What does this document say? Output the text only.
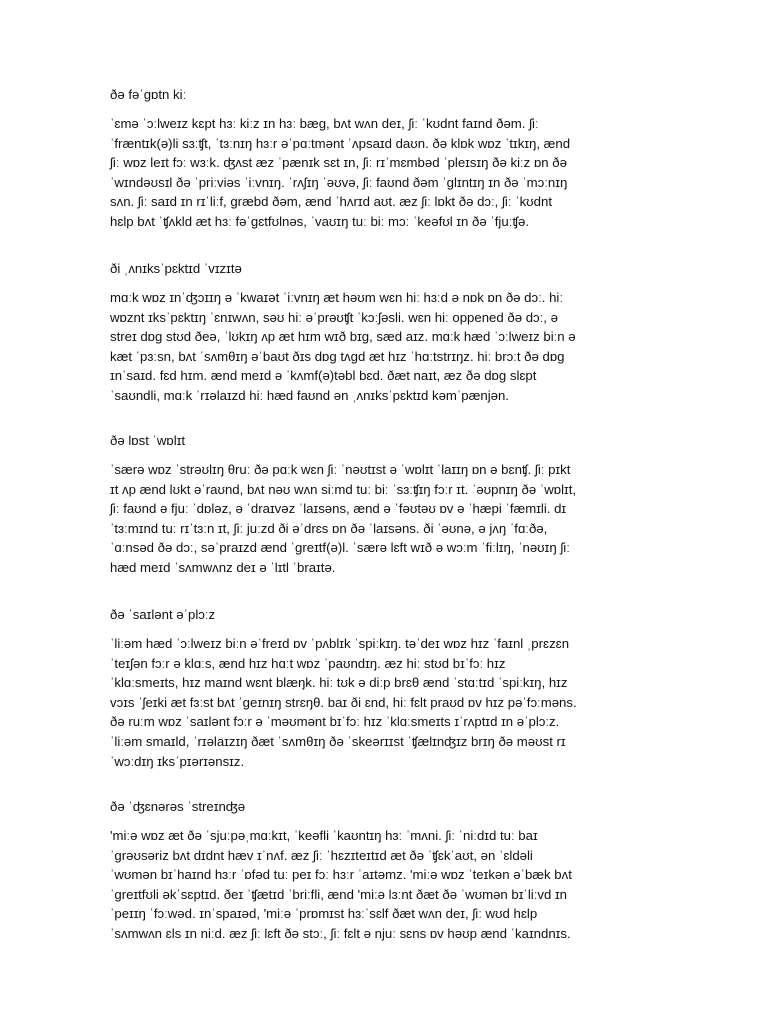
ðə fəˈɡɒtn kiː
ˈɛmə ˈɔːlweɪz kɛpt hɜː kiːz ɪn hɜː bæɡ, bʌt wʌn deɪ, ʃiː ˈkʊdnt faɪnd ðəm. ʃiː
ˈfræntɪk(ə)li sɜːʧt, ˈtɜːnɪŋ hɜːr əˈpɑːtmənt ˈʌpsaɪd daʊn. ðə klɒk wɒz ˈtɪkɪŋ, ænd
ʃiː wɒz leɪt fɔː wɜːk. ʤʌst æz ˈpænɪk sɛt ɪn, ʃiː rɪˈmɛmbəd ˈpleɪsɪŋ ðə kiːz ɒn ðə
ˈwɪndəʊsɪl ðə ˈpriːviəs ˈiːvnɪŋ. ˈrʌʃɪŋ ˈəʊvə, ʃiː faʊnd ðəm ˈɡlɪntɪŋ ɪn ðə ˈmɔːnɪŋ
sʌn. ʃiː saɪd ɪn rɪˈliːf, ɡræbd ðəm, ænd ˈhʌrɪd aʊt. æz ʃiː lɒkt ðə dɔː, ʃiː ˈkʊdnt
hɛlp bʌt ˈʧʌkld æt hɜː fəˈɡɛtfʊlnəs, ˈvaʊɪŋ tuː biː mɔː ˈkeəfʊl ɪn ðə ˈfjuːʧə.
ði ˌʌnɪksˈpɛktɪd ˈvɪzɪtə
mɑːk wɒz ɪnˈʤɔɪɪŋ ə ˈkwaɪət ˈiːvnɪŋ æt həʊm wɛn hiː hɜːd ə nɒk ɒn ðə dɔː. hiː
wɒznt ɪksˈpɛktɪŋ ˈɛnɪwʌn, səʊ hiː əˈprəʊʧt ˈkɔːʃəsli. wɛn hiː oppened ðə dɔː, ə
streɪ dɒɡ stʊd ðeə, ˈlʊkɪŋ ʌp æt hɪm wɪð bɪɡ, sæd aɪz. mɑːk hæd ˈɔːlweɪz biːn ə
kæt ˈpɜːsn, bʌt ˈsʌmθɪŋ əˈbaʊt ðɪs dɒɡ tʌɡd æt hɪz ˈhɑːtstrɪŋz. hiː brɔːt ðə dɒɡ
ɪnˈsaɪd. fɛd hɪm. ænd meɪd ə ˈkʌmf(ə)təbl bɛd. ðæt naɪt, æz ðə dɒɡ slɛpt
ˈsaʊndli, mɑːk ˈrɪəlaɪzd hiː hæd faʊnd ən ˌʌnɪksˈpɛktɪd kəmˈpænjən.
ðə lɒst ˈwɒlɪt
ˈsærə wɒz ˈstrəʊlɪŋ θruː ðə pɑːk wɛn ʃiː ˈnəʊtɪst ə ˈwɒlɪt ˈlaɪɪŋ ɒn ə bɛnʧ. ʃiː pɪkt
ɪt ʌp ænd lʊkt əˈraʊnd, bʌt nəʊ wʌn siːmd tuː biː ˈsɜːʧɪŋ fɔːr ɪt. ˈəʊpnɪŋ ðə ˈwɒlɪt,
ʃiː faʊnd ə fjuː ˈdɒləz, ə ˈdraɪvəz ˈlaɪsəns, ænd ə ˈfəʊtəʊ ɒv ə ˈhæpi ˈfæmɪli. dɪ
ˈtɜːmɪnd tuː rɪˈtɜːn ɪt, ʃiː juːzd ði əˈdrɛs ɒn ðə ˈlaɪsəns. ði ˈəʊnə, ə jʌŋ ˈfɑːðə,
ˈɑːnsəd ðə dɔː, səˈpraɪzd ænd ˈɡreɪtf(ə)l. ˈsærə lɛft wɪð ə wɔːm ˈfiːlɪŋ, ˈnəʊɪŋ ʃiː
hæd meɪd ˈsʌmwʌnz deɪ ə ˈlɪtl ˈbraɪtə.
ðə ˈsaɪlənt əˈplɔːz
ˈliːəm hæd ˈɔːlweɪz biːn əˈfreɪd ɒv ˈpʌblɪk ˈspiːkɪŋ. təˈdeɪ wɒz hɪz ˈfaɪnl ˌprɛzɛn
ˈteɪʃən fɔːr ə klɑːs, ænd hɪz hɑːt wɒz ˈpaʊndɪŋ. æz hiː stʊd bɪˈfɔː hɪz
ˈklɑːsmeɪts, hɪz maɪnd wɛnt blæŋk. hiː tʊk ə diːp brɛθ ænd ˈstɑːtɪd ˈspiːkɪŋ, hɪz
vɔɪs ˈʃeɪki æt fɜːst bʌt ˈɡeɪnɪŋ strɛŋθ. baɪ ði ɛnd, hiː fɛlt praʊd ɒv hɪz pəˈfɔːməns.
ðə ruːm wɒz ˈsaɪlənt fɔːr ə ˈməʊmənt bɪˈfɔː hɪz ˈklɑːsmeɪts ɪˈrʌptɪd ɪn əˈplɔːz.
ˈliːəm smaɪld, ˈrɪəlaɪzɪŋ ðæt ˈsʌmθɪŋ ðə ˈskeərɪɪst ˈʧælɪnʤɪz brɪŋ ðə məʊst rɪ
ˈwɔːdɪŋ ɪksˈpɪərɪənsɪz.
ðə ˈʤɛnərəs ˈstreɪnʤə
'miːə wɒz æt ðə ˈsjuːpəˌmɑːkɪt, ˈkeəfli ˈkaʊntɪŋ hɜː ˈmʌni. ʃiː ˈniːdɪd tuː baɪ
ˈɡrəʊsəriz bʌt dɪdnt hæv ɪˈnʌf. æz ʃiː ˈhɛzɪteɪtɪd æt ðə ˈʧɛkˈaʊt, ən ˈɛldəli
ˈwʊmən bɪˈhaɪnd hɜːr ˈɒfəd tuː peɪ fɔː hɜːr ˈaɪtəmz. 'miːə wɒz ˈteɪkən əˈbæk bʌt
ˈɡreɪtfʊli əkˈsɛptɪd. ðeɪ ˈʧætɪd ˈbriːfli, ænd 'miːə lɜːnt ðæt ðə ˈwʊmən bɪˈliːvd ɪn
ˈpeɪɪŋ ˈfɔːwəd. ɪnˈspaɪəd, 'miːə ˈprɒmɪst hɜːˈsɛlf ðæt wʌn deɪ, ʃiː wʊd hɛlp
ˈsʌmwʌn ɛls ɪn niːd. æz ʃiː lɛft ðə stɔː, ʃiː fɛlt ə njuː sɛns ɒv həʊp ænd ˈkaɪndnɪs.
